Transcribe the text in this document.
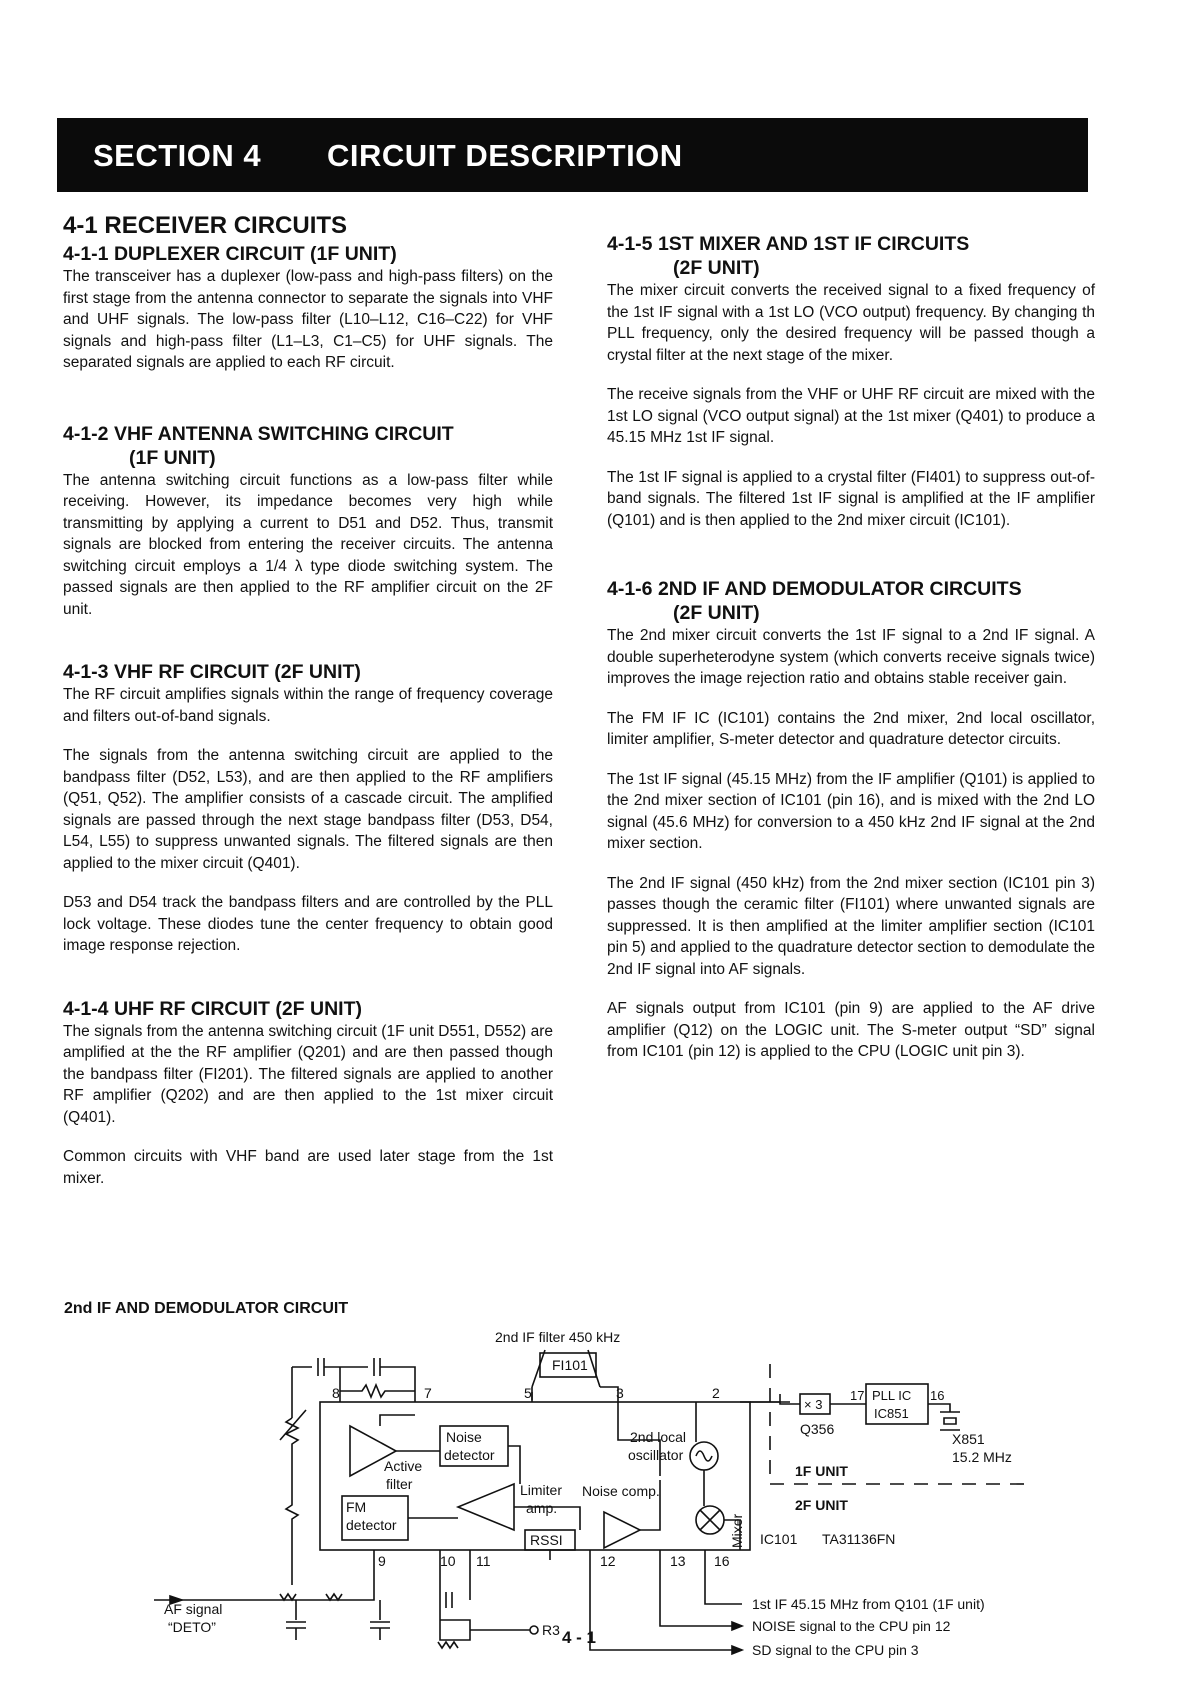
SECTION 4 CIRCUIT DESCRIPTION
4-1 RECEIVER CIRCUITS
4-1-1 DUPLEXER CIRCUIT (1F UNIT)

The transceiver has a duplexer (low-pass and high-pass filters) on the first stage from the antenna connector to separate the signals into VHF and UHF signals. The low-pass filter (L10–L12, C16–C22) for VHF signals and high-pass filter (L1–L3, C1–C5) for UHF signals. The separated signals are applied to each RF circuit.

4-1-2 VHF ANTENNA SWITCHING CIRCUIT
(1F UNIT)

The antenna switching circuit functions as a low-pass filter while receiving. However, its impedance becomes very high while transmitting by applying a current to D51 and D52. Thus, transmit signals are blocked from entering the receiver circuits. The antenna switching circuit employs a 1/4 λ type diode switching system. The passed signals are then applied to the RF amplifier circuit on the 2F unit.

4-1-3 VHF RF CIRCUIT (2F UNIT)

The RF circuit amplifies signals within the range of frequency coverage and filters out-of-band signals.

The signals from the antenna switching circuit are applied to the bandpass filter (D52, L53), and are then applied to the RF amplifiers (Q51, Q52). The amplifier consists of a cascade circuit. The amplified signals are passed through the next stage bandpass filter (D53, D54, L54, L55) to suppress unwanted signals. The filtered signals are then applied to the mixer circuit (Q401).

D53 and D54 track the bandpass filters and are controlled by the PLL lock voltage. These diodes tune the center frequency to obtain good image response rejection.

4-1-4 UHF RF CIRCUIT (2F UNIT)

The signals from the antenna switching circuit (1F unit D551, D552) are amplified at the the RF amplifier (Q201) and are then passed though the bandpass filter (FI201). The filtered signals are applied to another RF amplifier (Q202) and are then applied to the 1st mixer circuit (Q401).

Common circuits with VHF band are used later stage from the 1st mixer.

4-1-5 1ST MIXER AND 1ST IF CIRCUITS
(2F UNIT)

The mixer circuit converts the received signal to a fixed frequency of the 1st IF signal with a 1st LO (VCO output) frequency. By changing th PLL frequency, only the desired frequency will be passed though a crystal filter at the next stage of the mixer.

The receive signals from the VHF or UHF RF circuit are mixed with the 1st LO signal (VCO output signal) at the 1st mixer (Q401) to produce a 45.15 MHz 1st IF signal.

The 1st IF signal is applied to a crystal filter (FI401) to suppress out-of-band signals. The filtered 1st IF signal is amplified at the IF amplifier (Q101) and is then applied to the 2nd mixer circuit (IC101).

4-1-6 2ND IF AND DEMODULATOR CIRCUITS
(2F UNIT)

The 2nd mixer circuit converts the 1st IF signal to a 2nd IF signal. A double superheterodyne system (which converts receive signals twice) improves the image rejection ratio and obtains stable receiver gain.

The FM IF IC (IC101) contains the 2nd mixer, 2nd local oscillator, limiter amplifier, S-meter detector and quadrature detector circuits.

The 1st IF signal (45.15 MHz) from the IF amplifier (Q101) is applied to the 2nd mixer section of IC101 (pin 16), and is mixed with the 2nd LO signal (45.6 MHz) for conversion to a 450 kHz 2nd IF signal at the 2nd mixer section.

The 2nd IF signal (450 kHz) from the 2nd mixer section (IC101 pin 3) passes though the ceramic filter (FI101) where unwanted signals are suppressed. It is then amplified at the limiter amplifier section (IC101 pin 5) and applied to the quadrature detector section to demodulate the 2nd IF signal into AF signals.

AF signals output from IC101 (pin 9) are applied to the AF drive amplifier (Q12) on the LOGIC unit. The S-meter output “SD” signal from IC101 (pin 12) is applied to the CPU (LOGIC unit pin 3).

2nd IF AND DEMODULATOR CIRCUIT
2nd IF filter 450 kHz
FI101
8	7	5	3	2
Noise
detector
Active
filter
FM
detector
Limiter
amp.
RSSI
Noise comp.
2nd local
oscillator
Mixer
× 3
17	16
PLL IC
IC851
Q356
X851
15.2 MHz
1F UNIT
2F UNIT
IC101 TA31136FN
9	10 11	12	13 16
AF signal
“DETO”	R3
1st IF 45.15 MHz from Q101 (1F unit)
NOISE signal to the CPU pin 12
SD signal to the CPU pin 3
4 - 1
